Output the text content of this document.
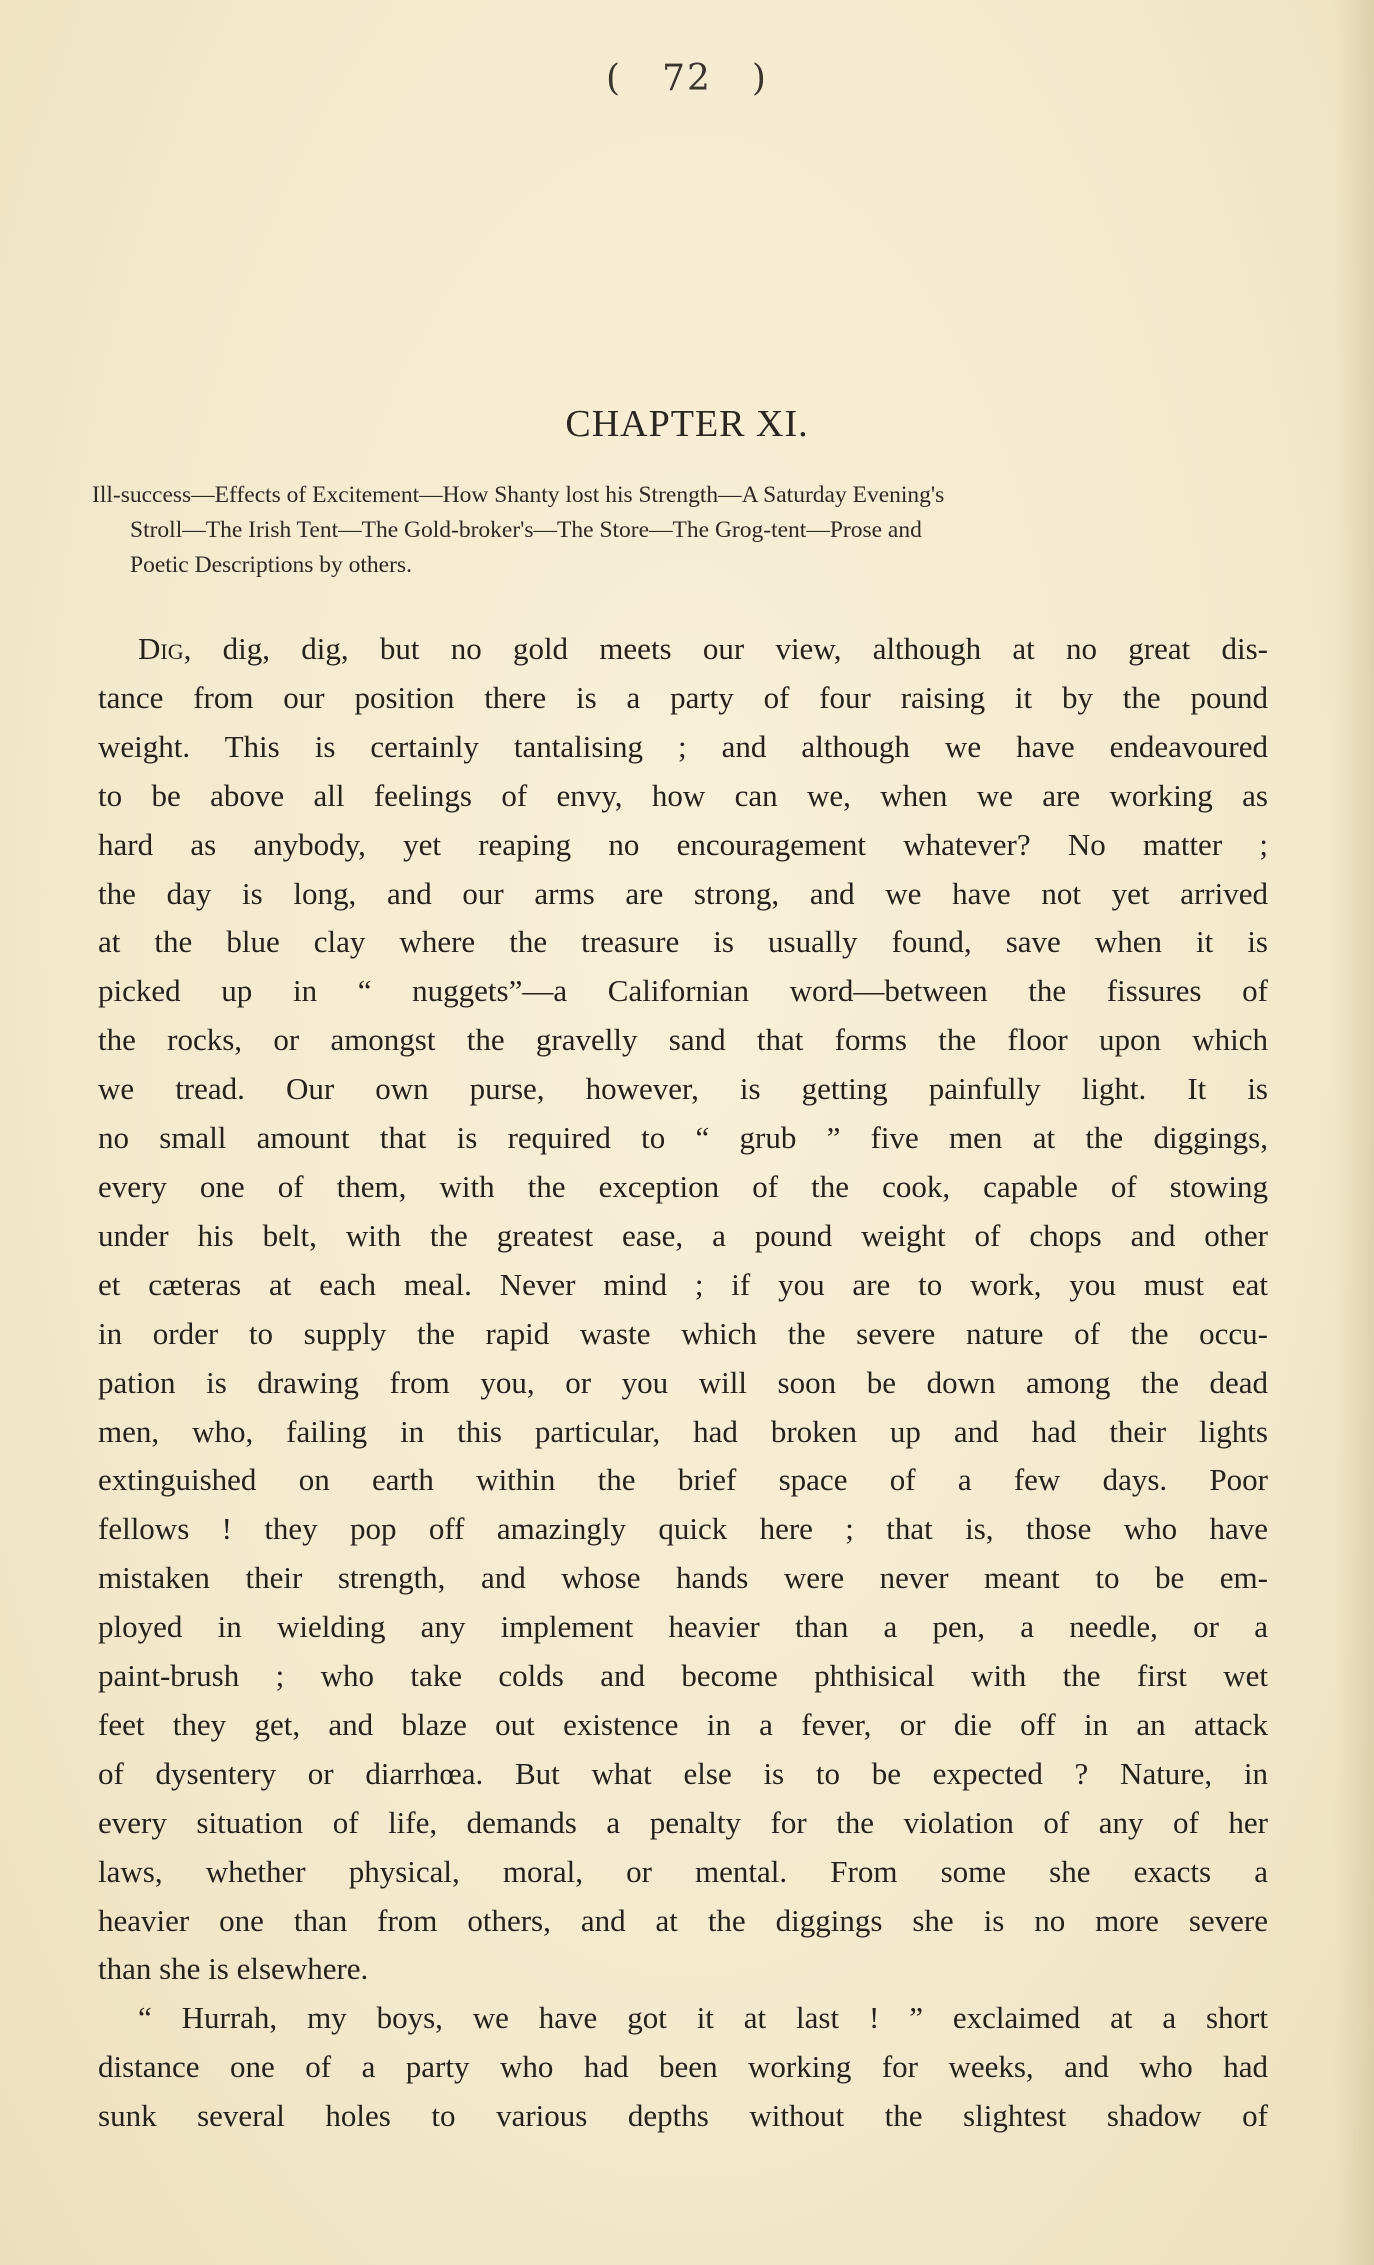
( 72 )
CHAPTER XI.
Ill-success—Effects of Excitement—How Shanty lost his Strength—A Saturday Evening's
Stroll—The Irish Tent—The Gold-broker's—The Store—The Grog-tent—Prose and
Poetic Descriptions by others.
Dig, dig, dig, but no gold meets our view, although at no great dis-
tance from our position there is a party of four raising it by the pound
weight. This is certainly tantalising ; and although we have endeavoured
to be above all feelings of envy, how can we, when we are working as
hard as anybody, yet reaping no encouragement whatever? No matter ;
the day is long, and our arms are strong, and we have not yet arrived
at the blue clay where the treasure is usually found, save when it is
picked up in “ nuggets”—a Californian word—between the fissures of
the rocks, or amongst the gravelly sand that forms the floor upon which
we tread. Our own purse, however, is getting painfully light. It is
no small amount that is required to “ grub ” five men at the diggings,
every one of them, with the exception of the cook, capable of stowing
under his belt, with the greatest ease, a pound weight of chops and other
et cæteras at each meal. Never mind ; if you are to work, you must eat
in order to supply the rapid waste which the severe nature of the occu-
pation is drawing from you, or you will soon be down among the dead
men, who, failing in this particular, had broken up and had their lights
extinguished on earth within the brief space of a few days. Poor
fellows ! they pop off amazingly quick here ; that is, those who have
mistaken their strength, and whose hands were never meant to be em-
ployed in wielding any implement heavier than a pen, a needle, or a
paint-brush ; who take colds and become phthisical with the first wet
feet they get, and blaze out existence in a fever, or die off in an attack
of dysentery or diarrhœa. But what else is to be expected ? Nature, in
every situation of life, demands a penalty for the violation of any of her
laws, whether physical, moral, or mental. From some she exacts a
heavier one than from others, and at the diggings she is no more severe
than she is elsewhere.
“ Hurrah, my boys, we have got it at last ! ” exclaimed at a short
distance one of a party who had been working for weeks, and who had
sunk several holes to various depths without the slightest shadow of
